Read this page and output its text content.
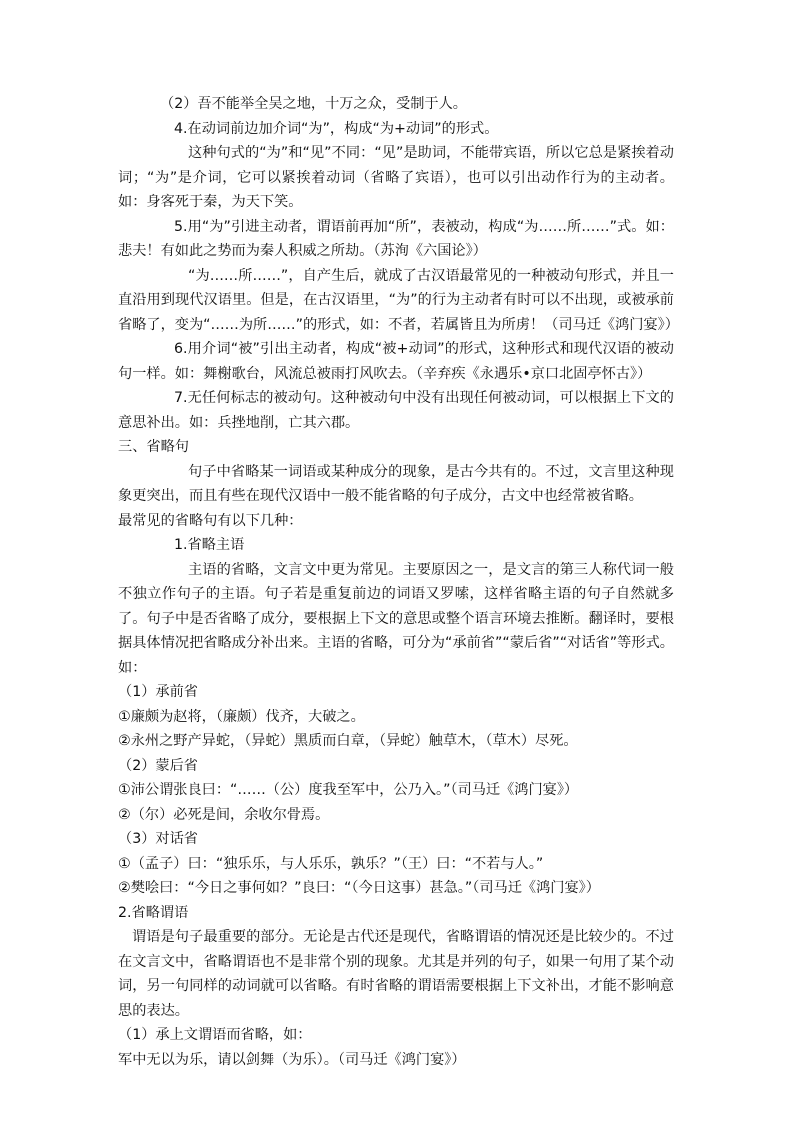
（2）吾不能举全吴之地，十万之众，受制于人。

4.在动词前边加介词“为”，构成“为+动词”的形式。

这种句式的“为”和“见”不同：“见”是助词，不能带宾语，所以它总是紧挨着动词；“为”是介词，它可以紧挨着动词（省略了宾语），也可以引出动作行为的主动者。如：身客死于秦，为天下笑。

5.用“为”引进主动者，谓语前再加“所”，表被动，构成“为……所……”式。如：悲夫！有如此之势而为秦人积威之所劫。（苏洵《六国论》）

“为……所……”，自产生后，就成了古汉语最常见的一种被动句形式，并且一直沿用到现代汉语里。但是，在古汉语里，“为”的行为主动者有时可以不出现，或被承前省略了，变为“……为所……”的形式，如：不者，若属皆且为所虏！（司马迁《鸿门宴》）

6.用介词“被”引出主动者，构成“被+动词”的形式，这种形式和现代汉语的被动句一样。如：舞榭歌台，风流总被雨打风吹去。（辛弃疾《永遇乐•京口北固亭怀古》）

7.无任何标志的被动句。这种被动句中没有出现任何被动词，可以根据上下文的意思补出。如：兵挫地削，亡其六郡。

三、省略句

句子中省略某一词语或某种成分的现象，是古今共有的。不过，文言里这种现象更突出，而且有些在现代汉语中一般不能省略的句子成分，古文中也经常被省略。

最常见的省略句有以下几种：

1.省略主语

主语的省略，文言文中更为常见。主要原因之一，是文言的第三人称代词一般不独立作句子的主语。句子若是重复前边的词语又罗嗦，这样省略主语的句子自然就多了。句子中是否省略了成分，要根据上下文的意思或整个语言环境去推断。翻译时，要根据具体情况把省略成分补出来。主语的省略，可分为“承前省”“蒙后省”“对话省”等形式。如：

（1）承前省

①廉颇为赵将，（廉颇）伐齐，大破之。

②永州之野产异蛇，（异蛇）黑质而白章，（异蛇）触草木，（草木）尽死。

（2）蒙后省

①沛公谓张良曰：“……（公）度我至军中，公乃入。”（司马迁《鸿门宴》）

②（尔）必死是间，余收尔骨焉。

（3）对话省

①（孟子）曰：“独乐乐，与人乐乐，孰乐？”（王）曰：“不若与人。”

②樊哙曰：“今日之事何如？”良曰：“（今日这事）甚急。”（司马迁《鸿门宴》）

2.省略谓语

谓语是句子最重要的部分。无论是古代还是现代，省略谓语的情况还是比较少的。不过在文言文中，省略谓语也不是非常个别的现象。尤其是并列的句子，如果一句用了某个动词，另一句同样的动词就可以省略。有时省略的谓语需要根据上下文补出，才能不影响意思的表达。

（1）承上文谓语而省略，如：

军中无以为乐，请以剑舞（为乐）。（司马迁《鸿门宴》）
